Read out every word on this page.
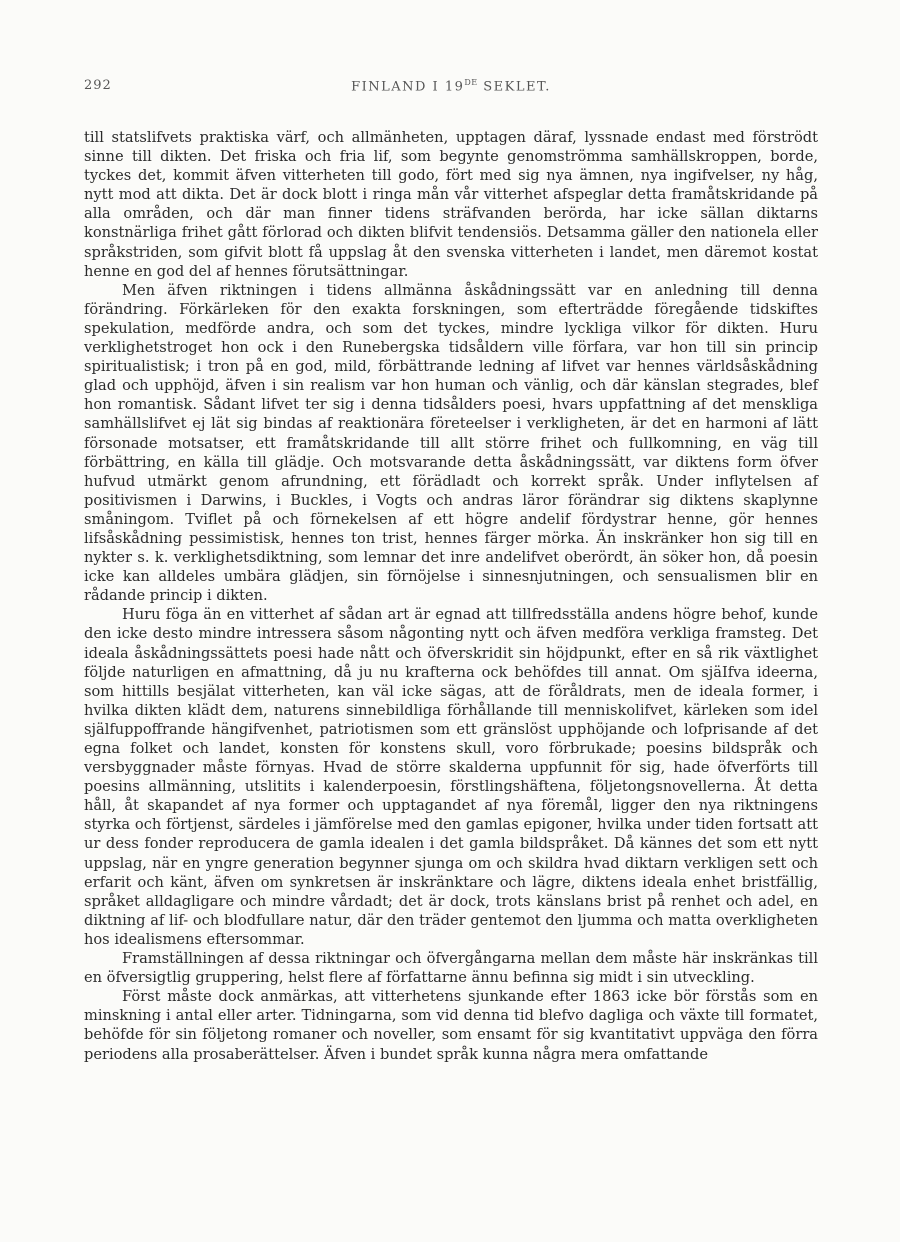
292	FINLAND I 19DE SEKLET.

till statslifvets praktiska värf, och allmänheten, upptagen däraf, lyssnade endast med förströdt sinne till dikten. Det friska och fria lif, som begynte genomströmma samhällskroppen, borde, tyckes det, kommit äfven vitterheten till godo, fört med sig nya ämnen, nya ingifvelser, ny håg, nytt mod att dikta. Det är dock blott i ringa mån vår vitterhet afspeglar detta framåtskridande på alla områden, och där man finner tidens sträfvanden berörda, har icke sällan diktarns konstnärliga frihet gått förlorad och dikten blifvit tendensiös. Detsamma gäller den nationela eller språkstriden, som gifvit blott få uppslag åt den svenska vitterheten i landet, men däremot kostat henne en god del af hennes förutsättningar.

Men äfven riktningen i tidens allmänna åskådningssätt var en anledning till denna förändring. Förkärleken för den exakta forskningen, som efterträdde föregående tidskiftes spekulation, medförde andra, och som det tyckes, mindre lyckliga vilkor för dikten. Huru verklighetstroget hon ock i den Runebergska tidsåldern ville förfara, var hon till sin princip spiritualistisk; i tron på en god, mild, förbättrande ledning af lifvet var hennes världsåskådning glad och upphöjd, äfven i sin realism var hon human och vänlig, och där känslan stegrades, blef hon romantisk. Sådant lifvet ter sig i denna tidsålders poesi, hvars uppfattning af det menskliga samhällslifvet ej lät sig bindas af reaktionära företeelser i verkligheten, är det en harmoni af lätt försonade motsatser, ett framåtskridande till allt större frihet och fullkomning, en väg till förbättring, en källa till glädje. Och motsvarande detta åskådningssätt, var diktens form öfver hufvud utmärkt genom afrundning, ett förädladt och korrekt språk. Under inflytelsen af positivismen i Darwins, i Buckles, i Vogts och andras läror förändrar sig diktens skaplynne småningom. Tviflet på och förnekelsen af ett högre andelif fördystrar henne, gör hennes lifsåskådning pessimistisk, hennes ton trist, hennes färger mörka. Än inskränker hon sig till en nykter s. k. verklighetsdiktning, som lemnar det inre andelifvet oberördt, än söker hon, då poesin icke kan alldeles umbära glädjen, sin förnöjelse i sinnesnjutningen, och sensualismen blir en rådande princip i dikten.

Huru föga än en vitterhet af sådan art är egnad att tillfredsställa andens högre behof, kunde den icke desto mindre intressera såsom någonting nytt och äfven medföra verkliga framsteg. Det ideala åskådningssättets poesi hade nått och öfverskridit sin höjdpunkt, efter en så rik växtlighet följde naturligen en afmattning, då ju nu krafterna ock behöfdes till annat. Om sjäIfva ideerna, som hittills besjälat vitterheten, kan väl icke sägas, att de föråldrats, men de ideala former, i hvilka dikten klädt dem, naturens sinnebildliga förhållande till menniskolifvet, kärleken som idel själfuppoffrande hängifvenhet, patriotismen som ett gränslöst upphöjande och lofprisande af det egna folket och landet, konsten för konstens skull, voro förbrukade; poesins bildspråk och versbyggnader måste förnyas. Hvad de större skalderna uppfunnit för sig, hade öfverförts till poesins allmänning, utslitits i kalenderpoesin, förstlingshäftena, följetongsnovellerna. Åt detta håll, åt skapandet af nya former och upptagandet af nya föremål, ligger den nya riktningens styrka och förtjenst, särdeles i jämförelse med den gamlas epigoner, hvilka under tiden fortsatt att ur dess fonder reproducera de gamla idealen i det gamla bildspråket. Då kännes det som ett nytt uppslag, när en yngre generation begynner sjunga om och skildra hvad diktarn verkligen sett och erfarit och känt, äfven om synkretsen är inskränktare och lägre, diktens ideala enhet bristfällig, språket alldagligare och mindre vårdadt; det är dock, trots känslans brist på renhet och adel, en diktning af lif- och blodfullare natur, där den träder gentemot den ljumma och matta overkligheten hos idealismens eftersommar.

Framställningen af dessa riktningar och öfvergångarna mellan dem måste här inskränkas till en öfversigtlig gruppering, helst flere af författarne ännu befinna sig midt i sin utveckling.

Först måste dock anmärkas, att vitterhetens sjunkande efter 1863 icke bör förstås som en minskning i antal eller arter. Tidningarna, som vid denna tid blefvo dagliga och växte till formatet, behöfde för sin följetong romaner och noveller, som ensamt för sig kvantitativt uppväga den förra periodens alla prosaberättelser. Äfven i bundet språk kunna några mera omfattande
